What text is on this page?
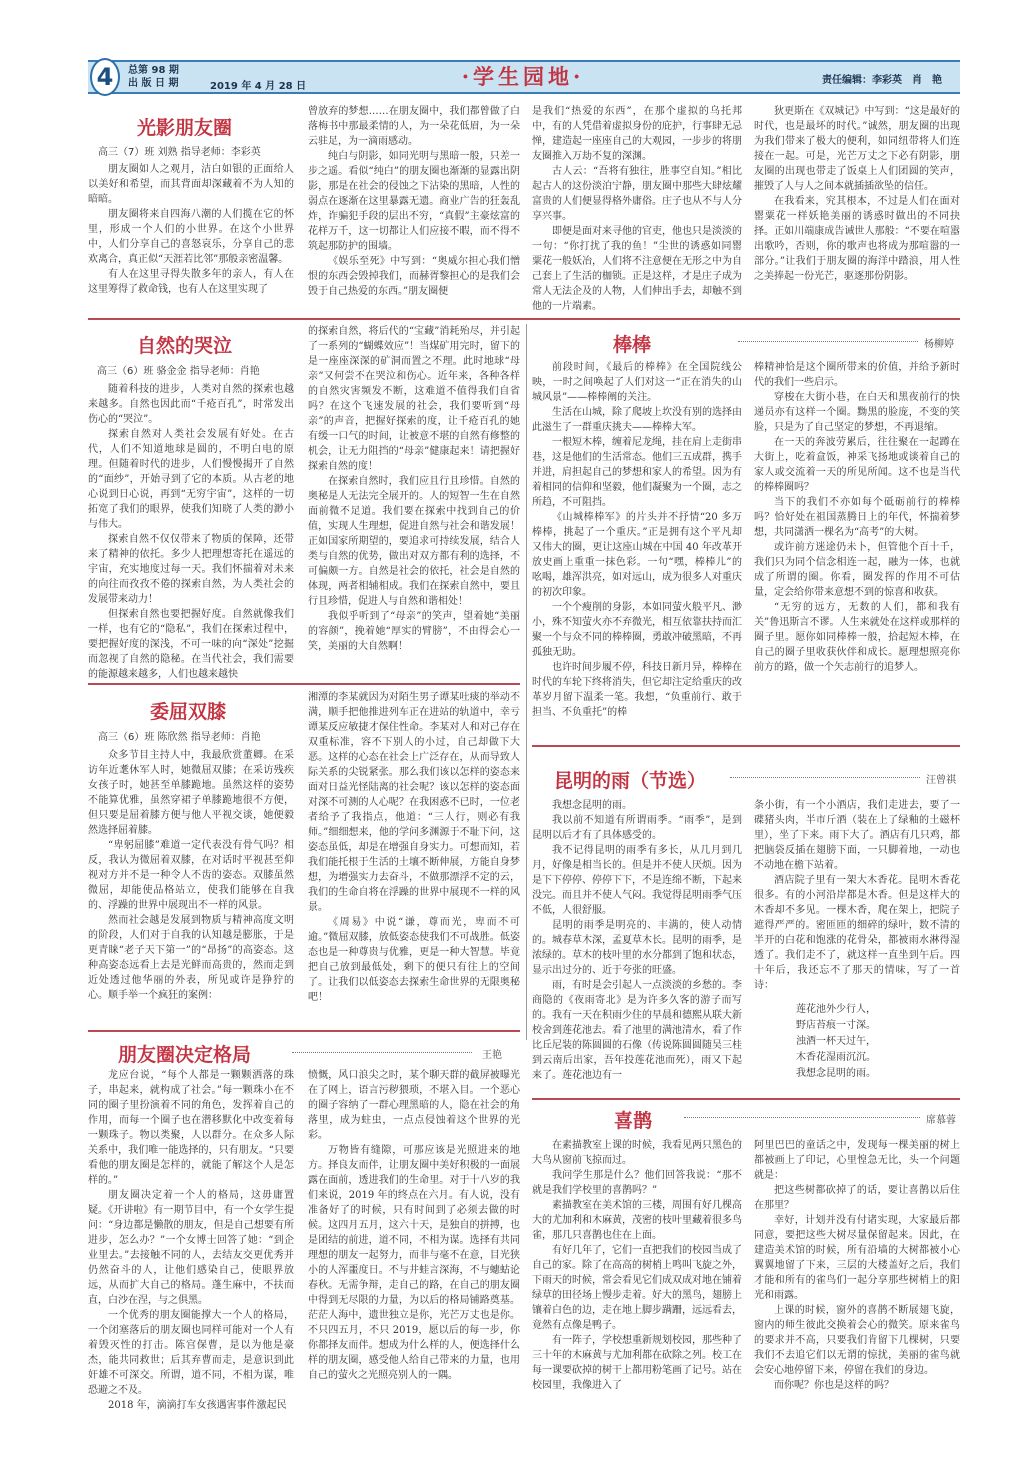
4	总第 98 期
出 版 日 期	2019 年 4 月 28 日	·学生园地·	责任编辑：李彩英　肖　艳
光影朋友圈
高三（7）班 刘熟 指导老师：李彩英

朋友圈如人之观月，洁白如银的正面给人以美好和希望，而其背面却深藏着不为人知的暗暗。

朋友圈将来自四海八潮的人们揽在它的怀里，形成一个人们的小世界。在这个小世界中，人们分享自己的喜怒哀乐，分享自己的悲欢离合，真正似“天涯若比邻”那般亲密温馨。

有人在这里寻得失散多年的亲人，有人在这里筹得了救命钱，也有人在这里实现了

曾放弃的梦想……在朋友圈中，我们都曾做了白落梅书中那最柔情的人，为一朵花低眉，为一朵云驻足，为一滴雨感动。

纯白与阴影，如同光明与黑暗一般，只差一步之遥。看似“纯白”的朋友圈也渐渐的显露出阴影，那是在社会的侵蚀之下沾染的黑暗，人性的弱点在逐渐在这里暴露无遗。商业广告的狂轰乱炸，诈骗犯手段的层出不穷，“真假”主豪炫富的花样万千，这一切都让人们应接不暇，而不得不筑起那防护的围墙。

《娱乐至死》中写到：“奥威尔担心我们憎恨的东西会毁掉我们，而赫胥黎担心的是我们会毁于自己热爱的东西。”朋友圈便

是我们“热爱的东西”，在那个虚拟的乌托邦中，有的人凭借着虚拟身份的庇护，行事肆无忌惮，建造起一座座自己的大观园，一步步的将朋友圈推入万劫不复的深渊。

古人云：“吾将有独往，胜事空自知。”相比起古人的这份淡泊宁静，朋友圈中那些大肆炫耀富贵的人们便显得格外庸俗。庄子也从不与人分享兴事。

即便是面对来寻他的官吏，他也只是淡淡的一句：“你打扰了我的鱼！”尘世的诱惑如同罂粟花一般妖冶，人们将不注意便在无形之中为自己套上了生活的枷锁。正是这样，才是庄子成为常人无法企及的人物，人们伸出手去，却触不到他的一片端素。

狄更斯在《双城记》中写到：“这是最好的时代，也是最坏的时代。”诚然，朋友圈的出现为我们带来了极大的便利，如同纽带将人们连接在一起。可是，光芒万丈之下必有阴影，朋友圈的出现也带走了饭桌上人们团圆的笑声，摧毁了人与人之间本就插插欲坠的信任。

在我看来，究其根本，不过是人们在面对罂粟花一样妖艳美丽的诱惑时做出的不同抉择。正如川端康成告诫世人那般：“不要在喧嚣出歌吟，否则，你的歌声也将成为那喧嚣的一部分。”让我们于朋友圈的海洋中踏浪，用人性之美捧起一份光芒，驱逐那份阴影。

自然的哭泣
高三（6）班 骆金金 指导老师：肖艳

随着科技的进步，人类对自然的探索也越来越多。自然也因此而“千疮百孔”，时常发出伤心的“哭泣”。

探索自然对人类社会发展有好处。在古代，人们不知道地球是圆的，不明白电的原理。但随着时代的进步，人们慢慢揭开了自然的“面纱”，开始寻到了它的本质。从古老的地心说到日心说，再到“无穷宇宙”，这样的一切拓宽了我们的眼界，使我们知晓了人类的渺小与伟大。

探索自然不仅仅带来了物质的保障，还带来了精神的依托。多少人把理想寄托在遥远的宇宙，充实地度过每一天。我们怀揣着对未来的向往而孜孜不倦的探索自然，为人类社会的发展带来动力！

但探索自然也要把握好度。自然就像我们一样，也有它的“隐私”，我们在探索过程中，要把握好度的深浅，不可一味的向“深处”挖掘而忽视了自然的隐秘。在当代社会，我们需要的能源越来越多，人们也越来越快

的探索自然，将后代的“宝藏”消耗殆尽，并引起了一系列的“蝴蝶效应”！当煤矿用完时，留下的是一座座深深的矿洞而置之不理。此时地球“母亲”又何尝不在哭泣和伤心。近年来，各种各样的自然灾害频发不断，这难道不值得我们自省吗？在这个飞速发展的社会，我们要听到“母亲”的声音，把握好探索的度，让千疮百孔的她有缓一口气的时间，让被意不堪的自然有修整的机会，让无力阻挡的“母亲”健康起来！请把握好探索自然的度！

在探索自然时，我们应且行且珍惜。自然的奥秘是人无法完全展开的。人的短智一生在自然面前微不足道。我们要在探索中找到自己的价值，实现人生理想，促进自然与社会和谐发展！正如国家所期望的，要追求可持续发展，结合人类与自然的优势，做出对双方都有利的选择，不可偏颇一方。自然是社会的依托，社会是自然的体现，两者相辅相成。我们在探索自然中，要且行且珍惜，促进人与自然和谐相处！

我似乎听到了“母亲”的笑声，望着她“美丽的容颜”，挽着她“厚实的臂膀”，不由得会心一笑，美丽的大自然啊！

棒棒	杨柳婷

前段时间，《最后的棒棒》在全国院线公映，一时之间唤起了人们对这一“正在消失的山城风景”——棒棒阐的关注。

生活在山城，除了爬坡上坎没有别的选择由此滋生了一群重庆挑夫——棒棒大军。

一根短木棒，缠着尼龙绳，挂在肩上走街串巷，这是他们的生活常态。他们三五成群，携手并进，肩担起自己的梦想和家人的希望。因为有着相同的信仰和坚毅，他们凝聚为一个圈，志之所趋，不可阻挡。

《山城棒棒军》的片头并不抒情“20 多万棒棒，挑起了一个重庆。”正是拥有这个平凡却又伟大的圈，更让这座山城在中国 40 年改革开放史画上重重一抹色彩。一句“嘿，棒棒儿”的吆喝，雄浑洪亮，如对远山，成为很多人对重庆的初次印象。

一个个瘦削的身影，本如同萤火般平凡、渺小，殊不知萤火亦不弃微光，相互依靠扶持而汇聚一个与众不同的棒棒圈，勇敢冲破黑暗，不再孤独无助。

也许时间步履不停，科技日新月异，棒棒在时代的车轮下终将消失，但它却注定给重庆的改革岁月留下温柔一笔。我想，“负重前行、敢于担当、不负重托”的棒

棒精神恰是这个圈所带来的价值，并给予新时代的我们一些启示。

穿梭在大街小巷，在白天和黑夜前行的快递员亦有这样一个圈。黝黑的脸庞，不变的笑脸，只是为了自己坚定的梦想，不再退缩。

在一天的奔波劳累后，往往聚在一起蹲在大街上，吃着盒饭，神采飞扬地或谈着自己的家人或交流着一天的所见所闻。这不也是当代的棒棒圈吗？

当下的我们不亦如每个砥砺前行的棒棒吗？恰好处在祖国蒸腾日上的年代，怀揣着梦想，共同潇洒一棵名为“高考”的大树。

或许前方迷途仍未卜，但管他个百十千，我们只为同个信念相连一起，融为一体，也就成了所谓的圈。你看，圈发挥的作用不可估量，定会给你带来意想不到的惊喜和收获。

“无穷的远方，无数的人们，都和我有关”鲁迅斯言不谬。人生来就处在这样或那样的圈子里。愿你如同棒棒一般，拾起短木棒，在自己的圈子里收获伙伴和成长。愿理想照亮你前方的路，做一个矢志前行的追梦人。

委屈双膝
高三（6）班 陈欣然 指导老师：肖艳

众多节目主持人中，我最欣赏董卿。在采访年近耄休军人时，她微屈双膝；在采访残疾女孩子时，她甚至单膝跪地。虽然这样的姿势不能算优雅，虽然穿裙子单膝跪地很不方便，但只要是屈着膝方便与他人平视交谈，她便毅然选择屈着膝。

“卑躬屈膝”难道一定代表没有骨气吗？相反，我认为微屈着双膝，在对话时平视甚至仰视对方并不是一种令人不齿的姿态。双膝虽然微屈，却能使品格站立，使我们能够在自我的、浮躁的世界中展现出不一样的风景。

然而社会越是发展到物质与精神高度文明的阶段，人们对于自我的认知越是膨胀，于是更青睐“老子天下第一”的“昂扬”的高姿态。这种高姿态远看上去是光鲜而高贵的，然而走到近处透过他华丽的外表，所见或许是狰狞的心。顺手举一个疯狂的案例：

湘潭的李某就因为对陌生男子谭某吐痰的举动不满，顺手把他推进列车正在进站的轨道中，幸亏谭某反应敏捷才保住性命。李某对人和对己存在双重标准，容不下别人的小过，自己却做下大恶。这样的心态在社会上广泛存在，从而导致人际关系的尖锐紧张。那么我们该以怎样的姿态来面对日益光怪陆离的社会呢？该以怎样的姿态面对深不可测的人心呢？在我困惑不已时，一位老者给予了我指点，他道：“三人行，则必有我师。”细细想来，他的学问多渊源于不耻下问，这姿态虽低，却是在增强自身实力。可想而知，若我们能托根于生活的土壤不断伸展，方能自身梦想，为增强实力去奋斗，不做那漂浮不定的云，我们的生命自将在浮躁的世界中展现不一样的风景。

《周易》中说“谦，尊而光，卑而不可逾。”微屈双膝，放低姿态使我们不可战胜。低姿态也是一种尊贵与优雅，更是一种大智慧。毕竟把自己放到最低处，剩下的便只有往上的空间了。让我们以低姿态去探索生命世界的无限奥秘吧！

昆明的雨（节选）	汪曾祺

我想念昆明的雨。

我以前不知道有所谓雨季。“雨季”，是到昆明以后才有了具体感受的。

我不记得昆明的雨季有多长，从几月到几月，好像是相当长的。但是并不使人厌烦。因为是下下停停、停停下下，不是连绵不断，下起来没完。而且并不使人气闷。我觉得昆明雨季气压不低，人很舒服。

昆明的雨季是明亮的、丰满的，使人动情的。城春草木深，孟夏草木长。昆明的雨季，是浓绿的。草木的枝叶里的水分都到了饱和状态，显示出过分的、近于夸张的旺盛。

雨，有时是会引起人一点淡淡的乡愁的。李商隐的《夜雨寄北》是为许多久客的游子而写的。我有一天在积雨少住的早晨和德熙从联大新校舍到莲花池去。看了池里的满池清水，看了作比丘尼装的陈圆圆的石像（传说陈圆圆随吴三桂到云南后出家，吾年投莲花池而死），雨又下起来了。莲花池边有一

条小街，有一个小酒店，我们走进去，要了一碟猪头肉，半市斤酒（装在上了绿釉的土磁杯里），坐了下来。雨下大了。酒店有几只鸡，都把脑袋反插在翅膀下面，一只脚着地，一动也不动地在檐下站着。

酒店院子里有一架大木香花。昆明木香花很多。有的小河沿岸都是木香。但是这样大的木香却不多见。一棵木香，爬在架上，把院子遮得严严的。密匝匝的细碎的绿叶，数不清的半开的白花和饱涨的花骨朵，都被雨水淋得湿透了。我们走不了，就这样一直坐到午后。四十年后，我还忘不了那天的情味，写了一首诗：

莲花池外少行人，
野店苔痕一寸深。
浊酒一杯天过午，
木香花湿雨沉沉。
我想念昆明的雨。
朋友圈决定格局	王艳

龙应台说，“每个人都是一颗颗洒落的珠子，串起来，就构成了社会。”每一颗珠小在不同的圈子里扮演着不同的角色，发挥着自己的作用，而每一个圈子也在潜移默化中改变着每一颗珠子。物以类聚，人以群分。在众多人际关系中，我们唯一能选择的，只有朋友。“只要看他的朋友圈是怎样的，就能了解这个人是怎样的。”

朋友圈决定着一个人的格局，这毋庸置疑。《开讲啦》有一期节目中，有一个女学生提问：“身边都是懒散的朋友，但是自己想要有所进步，怎么办？”一个女博士回答了她：“到企业里去。”去接触不同的人，去结友交更优秀并仍然奋斗的人，让他们感染自己，使眼界放远，从而扩大自己的格局。蓬生麻中，不扶而直，白沙在涅，与之俱黑。

一个优秀的朋友圈能撑大一个人的格局，一个闭塞落后的朋友圈也同样可能对一个人有着毁灭性的打击。陈宫保曹，是以为他是豪杰，能共同救世；后其弃曹而走，是意识到此奸雄不可深交。所谓，道不同，不相为谋，唯恐避之不及。

2018 年，滴滴打车女孩遇害事件激起民

愤慨，风口浪尖之时，某个聊天群的截屏被曝光在了网上，语言污秽猥琐，不堪入目。一个恶心的圈子容纳了一群心理黑暗的人，隐在社会的角落里，成为蛀虫，一点点侵蚀着这个世界的光彩。

万物皆有缝隙，可那应该是光照进来的地方。择良友而伴，让朋友圈中美好积极的一面展露在面前，透进我们的生命里。对于十八岁的我们来说，2019 年的终点在六月。有人说，没有准备好了的时候，只有时间到了必须去做的时候。这四月五月，这六十天，是独自的拼搏，也是团结的前进，道不同，不相为谋。选择有共同理想的朋友一起努力，而非与毫不在意，目光狭小的人浑噩度日。不与井蛙言深海，不与蟪蛄论春秋。无需争辩，走自己的路，在自己的朋友圈中得到无尽限的力量，为以后的格局铺路奠基。茫茫人海中，遗世独立是你，光芒万丈也是你。不只四五月，不只 2019，愿以后的每一步，你你都择友而伴。想成为什么样的人，便选择什么样的朋友圈，感受他人给自己带来的力量，也用自己的萤火之光照亮别人的一隅。

喜鹊	席慕蓉

在素描教室上课的时候，我看见两只黑色的大鸟从窗前飞掠而过。

我问学生那是什么？他们回答我说：“那不就是我们学校里的喜鹊吗？”

素描教室在美术馆的三楼，周围有好几棵高大的尤加利和木麻黄，茂密的枝叶里藏着很多鸟雀，那几只喜鹊也住在上面。

有好几年了，它们一直把我们的校园当成了自己的家。除了在高高的树梢上鸣叫飞旋之外，下雨天的时候，常会看见它们成双成对地在铺着绿草的田径场上慢步走着。好大的黑鸟，翅膀上镶着白色的边，走在地上脚步蹒跚，远远看去，竟然有点像是鸭子。

有一阵子，学校想重新规划校园，那些种了三十年的木麻黄与尤加利都在砍除之列。校工在每一课要砍掉的树干上都用粉笔画了记号。站在校园里，我像进入了

阿里巴巴的童话之中，发现每一棵美丽的树上都被画上了印记，心里惶急无比，头一个问题就是：

把这些树都砍掉了的话，要让喜鹊以后住在那里？

幸好，计划并没有付诸实现，大家最后都同意，要把这些大树尽量保留起来。因此，在建造美术馆的时候，所有沿墙的大树都被小心翼翼地留了下来，三层的大楼盖好之后，我们才能和所有的雀鸟们一起分享那些树梢上的阳光和雨露。

上课的时候，窗外的喜鹊不断展翅飞旋，窗内的师生彼此交换着会心的微笑。原来雀鸟的要求并不高，只要我们肯留下几棵树，只要我们不去追它们以无谓的惊扰，美丽的雀鸟就会安心地停留下来，停留在我们的身边。

而你呢？你也是这样的吗？
